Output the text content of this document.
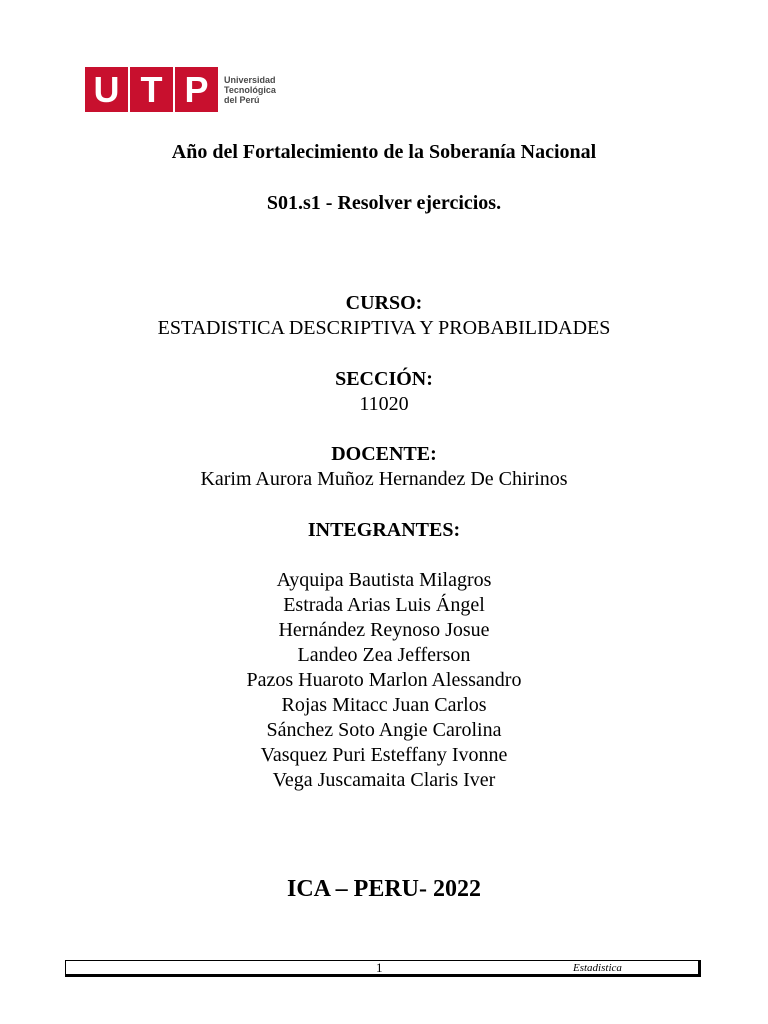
U T P	Universidad
Tecnológica
del Perú
Año del Fortalecimiento de la Soberanía Nacional
S01.s1 - Resolver ejercicios.
CURSO:
ESTADISTICA DESCRIPTIVA Y PROBABILIDADES
SECCIÓN:
11020
DOCENTE:
Karim Aurora Muñoz Hernandez De Chirinos
INTEGRANTES:
Ayquipa Bautista Milagros
Estrada Arias Luis Ángel
Hernández Reynoso Josue
Landeo Zea Jefferson
Pazos Huaroto Marlon Alessandro
Rojas Mitacc Juan Carlos
Sánchez Soto Angie Carolina
Vasquez Puri Esteffany Ivonne
Vega Juscamaita Claris Iver
ICA – PERU- 2022
1	Estadistica
